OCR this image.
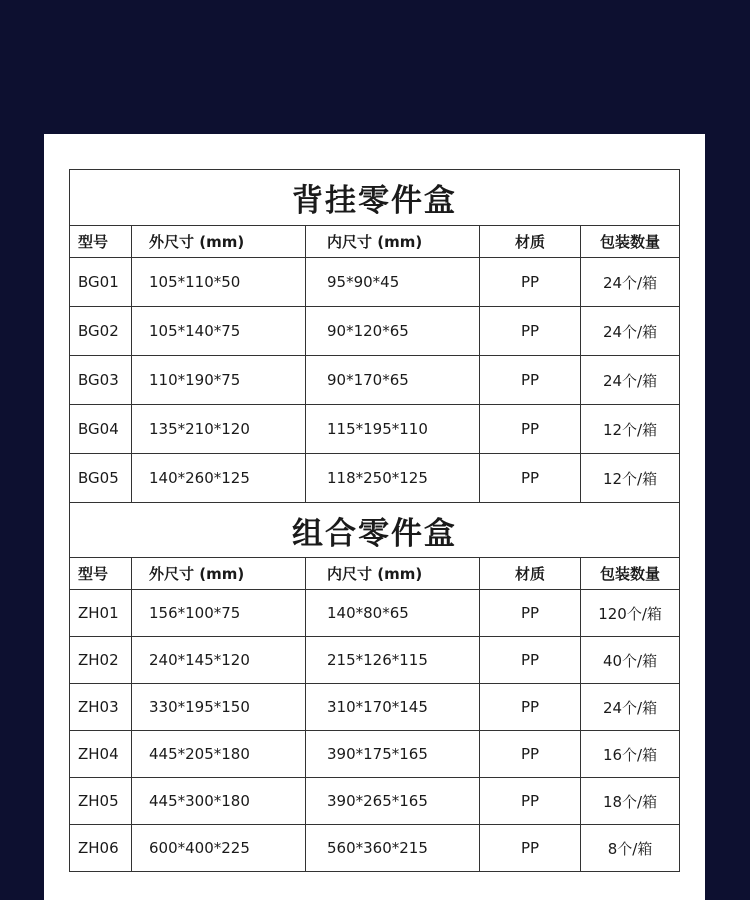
背挂零件盒				
型号	外尺寸 (mm)	内尺寸 (mm)	材质	包装数量
BG01	105*110*50	95*90*45	PP	24个/箱
BG02	105*140*75	90*120*65	PP	24个/箱
BG03	110*190*75	90*170*65	PP	24个/箱
BG04	135*210*120	115*195*110	PP	12个/箱
BG05	140*260*125	118*250*125	PP	12个/箱
组合零件盒				
型号	外尺寸 (mm)	内尺寸 (mm)	材质	包装数量
ZH01	156*100*75	140*80*65	PP	120个/箱
ZH02	240*145*120	215*126*115	PP	40个/箱
ZH03	330*195*150	310*170*145	PP	24个/箱
ZH04	445*205*180	390*175*165	PP	16个/箱
ZH05	445*300*180	390*265*165	PP	18个/箱
ZH06	600*400*225	560*360*215	PP	8个/箱
